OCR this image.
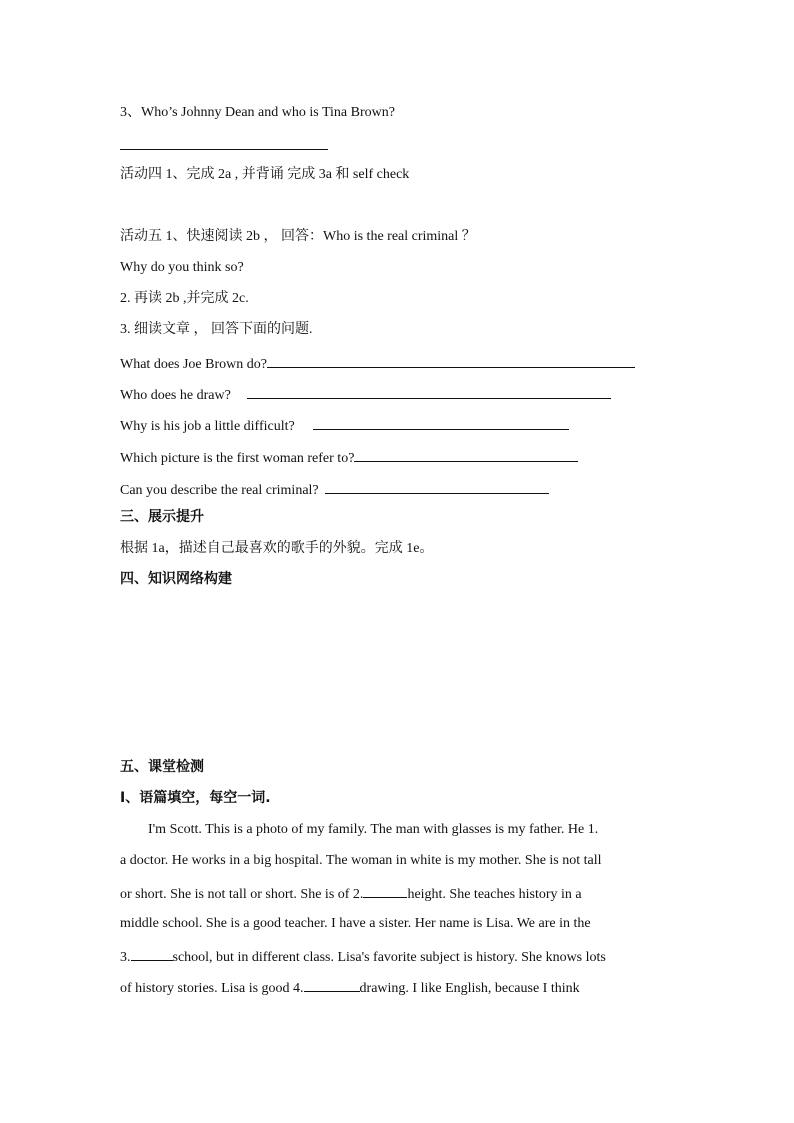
3、Who’s Johnny Dean and who is Tina Brown?
活动四 1、完成 2a , 并背诵 完成 3a 和 self check
活动五 1、快速阅读 2b ， 回答：Who is the real criminal ？
Why do you think so?
2. 再读 2b ,并完成 2c.
3. 细读文章 ， 回答下面的问题.
What does Joe Brown do?
Who does he draw?
Why is his job a little difficult?
Which picture is the first woman refer to?
Can you describe the real criminal?
三、展示提升
根据 1a，描述自己最喜欢的歌手的外貌。完成 1e。
四、知识网络构建
五、课堂检测
Ⅰ、语篇填空，每空一词.
I'm Scott. This is a photo of my family. The man with glasses is my father. He 1.
a doctor. He works in a big hospital. The woman in white is my mother. She is not tall
or short. She is not tall or short. She is of 2.	height. She teaches history in a
middle school. She is a good teacher. I have a sister. Her name is Lisa. We are in the
3.	school, but in different class. Lisa's favorite subject is history. She knows lots
of history stories. Lisa is good 4.	drawing. I like English, because I think
